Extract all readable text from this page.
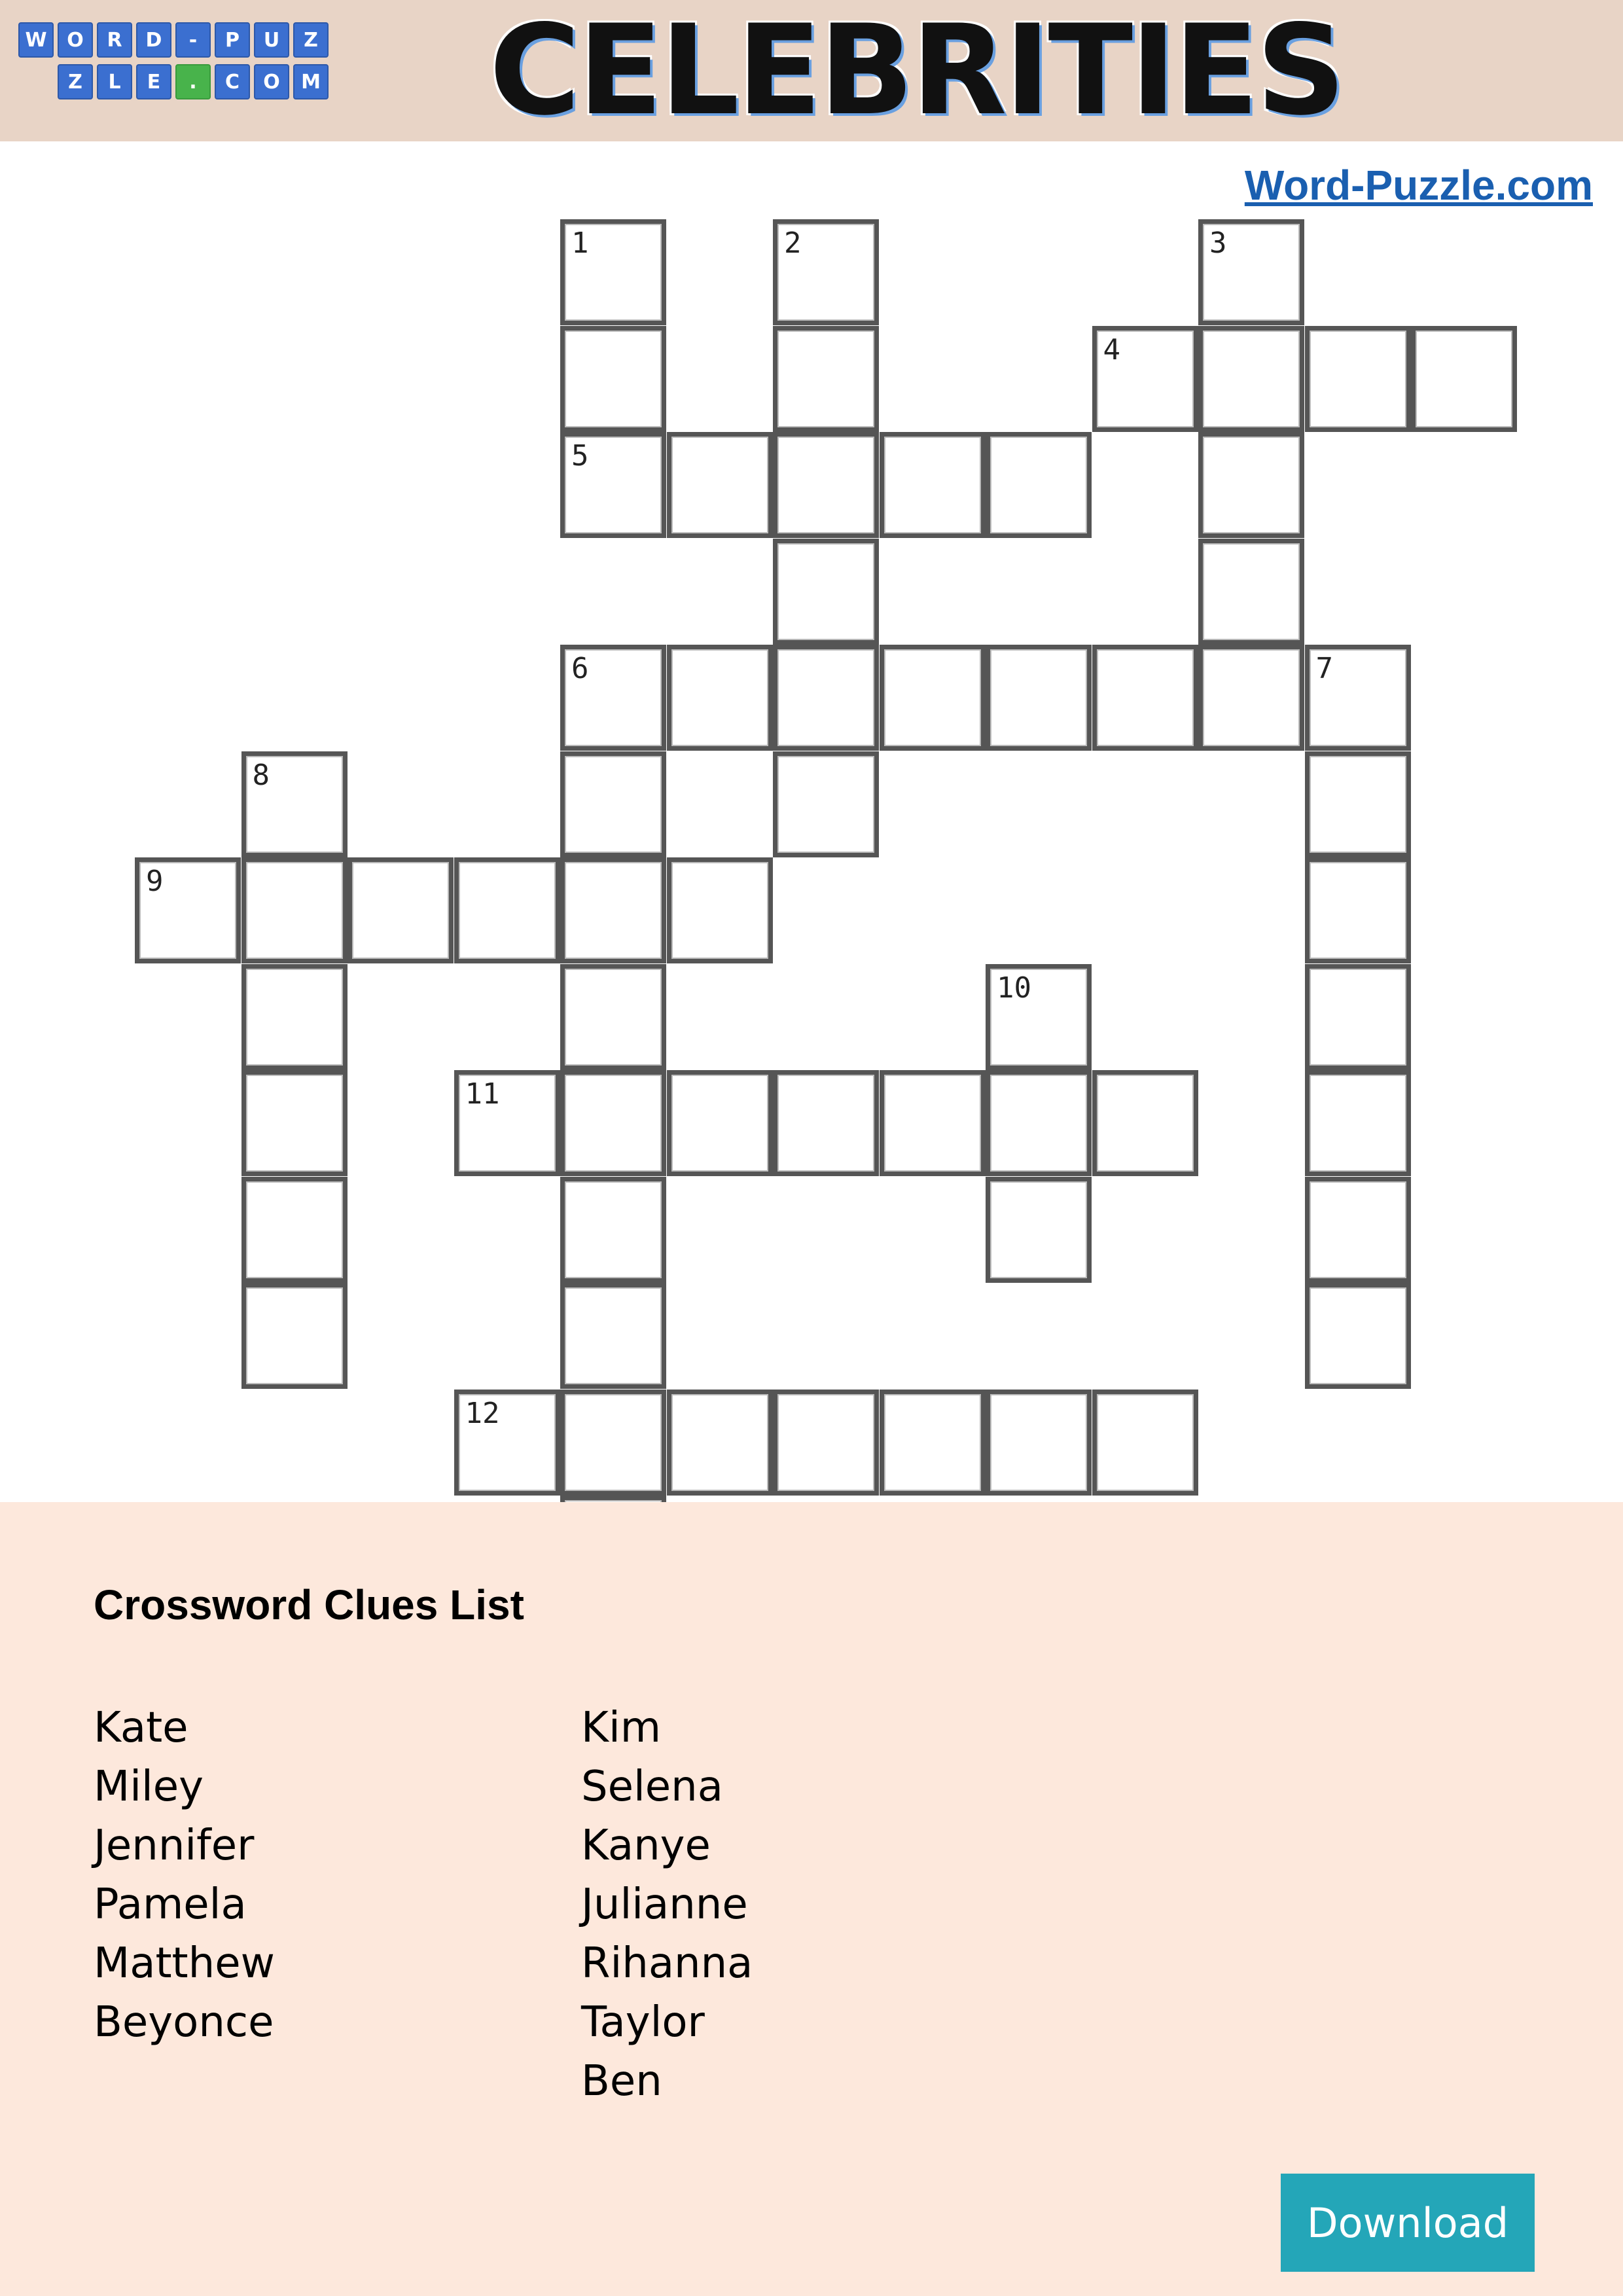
W	O	R	D	-	P	U	Z
Z	L	E	.	C	O	M	CELEBRITIES
Word-Puzzle.com
1
5
2	3
4
6	7
8
9
10
11
12
Crossword Clues List
Kate
Miley
Jennifer
Pamela
Matthew
Beyonce
Kim
Selena
Kanye
Julianne
Rihanna
Taylor
Ben
Download
